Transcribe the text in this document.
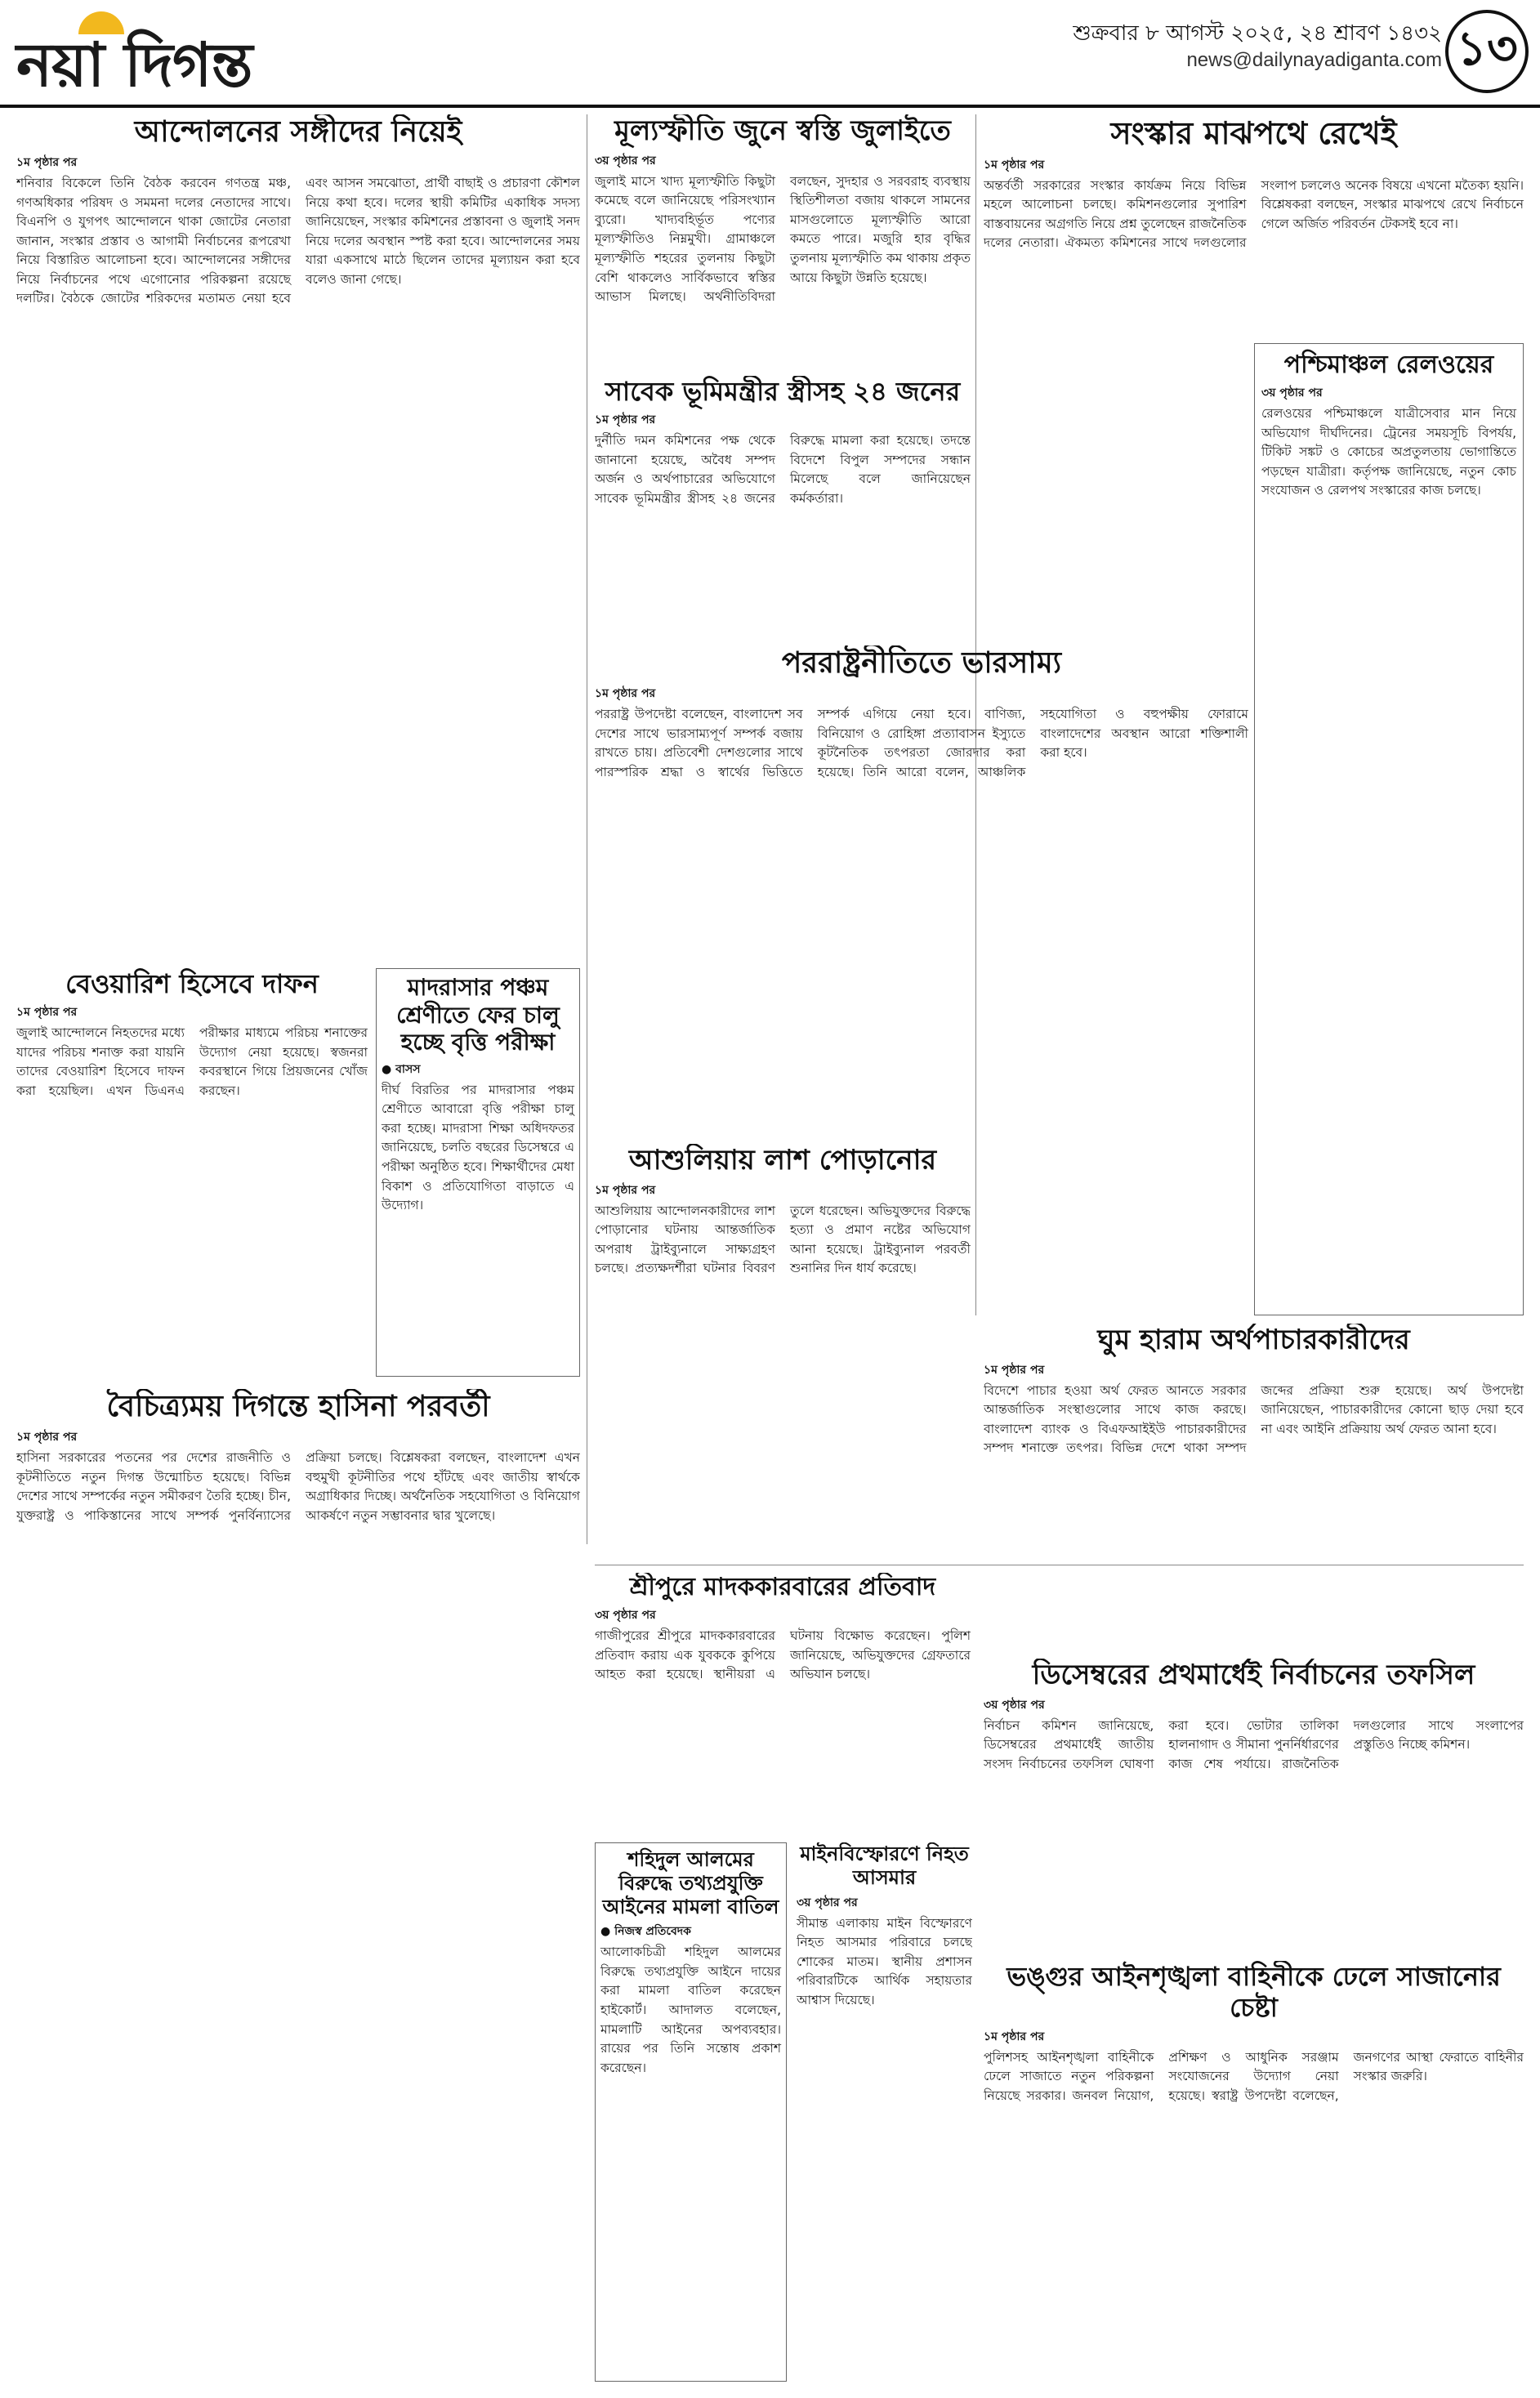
নয়া দিগন্ত	শুক্রবার ৮ আগস্ট ২০২৫, ২৪ শ্রাবণ ১৪৩২
news@dailynayadiganta.com ১৩
আন্দোলনের সঙ্গীদের নিয়েই
১ম পৃষ্ঠার পর
শনিবার বিকেলে তিনি বৈঠক করবেন গণতন্ত্র মঞ্চ, গণঅধিকার পরিষদ ও সমমনা দলের নেতাদের সাথে। বিএনপি ও যুগপৎ আন্দোলনে থাকা জোটের নেতারা জানান, সংস্কার প্রস্তাব ও আগামী নির্বাচনের রূপরেখা নিয়ে বিস্তারিত আলোচনা হবে। আন্দোলনের সঙ্গীদের নিয়ে নির্বাচনের পথে এগোনোর পরিকল্পনা রয়েছে দলটির। বৈঠকে জোটের শরিকদের মতামত নেয়া হবে এবং আসন সমঝোতা, প্রার্থী বাছাই ও প্রচারণা কৌশল নিয়ে কথা হবে। দলের স্থায়ী কমিটির একাধিক সদস্য জানিয়েছেন, সংস্কার কমিশনের প্রস্তাবনা ও জুলাই সনদ নিয়ে দলের অবস্থান স্পষ্ট করা হবে। আন্দোলনের সময় যারা একসাথে মাঠে ছিলেন তাদের মূল্যায়ন করা হবে বলেও জানা গেছে।
মূল্যস্ফীতি জুনে স্বস্তি জুলাইতে
৩য় পৃষ্ঠার পর
জুলাই মাসে খাদ্য মূল্যস্ফীতি কিছুটা কমেছে বলে জানিয়েছে পরিসংখ্যান ব্যুরো। খাদ্যবহির্ভূত পণ্যের মূল্যস্ফীতিও নিম্নমুখী। গ্রামাঞ্চলে মূল্যস্ফীতি শহরের তুলনায় কিছুটা বেশি থাকলেও সার্বিকভাবে স্বস্তির আভাস মিলছে। অর্থনীতিবিদরা বলছেন, সুদহার ও সরবরাহ ব্যবস্থায় স্থিতিশীলতা বজায় থাকলে সামনের মাসগুলোতে মূল্যস্ফীতি আরো কমতে পারে। মজুরি হার বৃদ্ধির তুলনায় মূল্যস্ফীতি কম থাকায় প্রকৃত আয়ে কিছুটা উন্নতি হয়েছে।
সংস্কার মাঝপথে রেখেই
১ম পৃষ্ঠার পর
অন্তর্বর্তী সরকারের সংস্কার কার্যক্রম নিয়ে বিভিন্ন মহলে আলোচনা চলছে। কমিশনগুলোর সুপারিশ বাস্তবায়নের অগ্রগতি নিয়ে প্রশ্ন তুলেছেন রাজনৈতিক দলের নেতারা। ঐকমত্য কমিশনের সাথে দলগুলোর সংলাপ চললেও অনেক বিষয়ে এখনো মতৈক্য হয়নি। বিশ্লেষকরা বলছেন, সংস্কার মাঝপথে রেখে নির্বাচনে গেলে অর্জিত পরিবর্তন টেকসই হবে না।
সাবেক ভূমিমন্ত্রীর স্ত্রীসহ ২৪ জনের
১ম পৃষ্ঠার পর
দুর্নীতি দমন কমিশনের পক্ষ থেকে জানানো হয়েছে, অবৈধ সম্পদ অর্জন ও অর্থপাচারের অভিযোগে সাবেক ভূমিমন্ত্রীর স্ত্রীসহ ২৪ জনের বিরুদ্ধে মামলা করা হয়েছে। তদন্তে বিদেশে বিপুল সম্পদের সন্ধান মিলেছে বলে জানিয়েছেন কর্মকর্তারা।
পশ্চিমাঞ্চল রেলওয়ের
৩য় পৃষ্ঠার পর
রেলওয়ের পশ্চিমাঞ্চলে যাত্রীসেবার মান নিয়ে অভিযোগ দীর্ঘদিনের। ট্রেনের সময়সূচি বিপর্যয়, টিকিট সঙ্কট ও কোচের অপ্রতুলতায় ভোগান্তিতে পড়ছেন যাত্রীরা। কর্তৃপক্ষ জানিয়েছে, নতুন কোচ সংযোজন ও রেলপথ সংস্কারের কাজ চলছে।
পররাষ্ট্রনীতিতে ভারসাম্য
১ম পৃষ্ঠার পর
পররাষ্ট্র উপদেষ্টা বলেছেন, বাংলাদেশ সব দেশের সাথে ভারসাম্যপূর্ণ সম্পর্ক বজায় রাখতে চায়। প্রতিবেশী দেশগুলোর সাথে পারস্পরিক শ্রদ্ধা ও স্বার্থের ভিত্তিতে সম্পর্ক এগিয়ে নেয়া হবে। বাণিজ্য, বিনিয়োগ ও রোহিঙ্গা প্রত্যাবাসন ইস্যুতে কূটনৈতিক তৎপরতা জোরদার করা হয়েছে। তিনি আরো বলেন, আঞ্চলিক সহযোগিতা ও বহুপক্ষীয় ফোরামে বাংলাদেশের অবস্থান আরো শক্তিশালী করা হবে।
বেওয়ারিশ হিসেবে দাফন
১ম পৃষ্ঠার পর
জুলাই আন্দোলনে নিহতদের মধ্যে যাদের পরিচয় শনাক্ত করা যায়নি তাদের বেওয়ারিশ হিসেবে দাফন করা হয়েছিল। এখন ডিএনএ পরীক্ষার মাধ্যমে পরিচয় শনাক্তের উদ্যোগ নেয়া হয়েছে। স্বজনরা কবরস্থানে গিয়ে প্রিয়জনের খোঁজ করছেন।
মাদরাসার পঞ্চম শ্রেণীতে ফের চালু হচ্ছে বৃত্তি পরীক্ষা
● বাসস
দীর্ঘ বিরতির পর মাদরাসার পঞ্চম শ্রেণীতে আবারো বৃত্তি পরীক্ষা চালু করা হচ্ছে। মাদরাসা শিক্ষা অধিদফতর জানিয়েছে, চলতি বছরের ডিসেম্বরে এ পরীক্ষা অনুষ্ঠিত হবে। শিক্ষার্থীদের মেধা বিকাশ ও প্রতিযোগিতা বাড়াতে এ উদ্যোগ।
বৈচিত্র্যময় দিগন্তে হাসিনা পরবর্তী
১ম পৃষ্ঠার পর
হাসিনা সরকারের পতনের পর দেশের রাজনীতি ও কূটনীতিতে নতুন দিগন্ত উন্মোচিত হয়েছে। বিভিন্ন দেশের সাথে সম্পর্কের নতুন সমীকরণ তৈরি হচ্ছে। চীন, যুক্তরাষ্ট্র ও পাকিস্তানের সাথে সম্পর্ক পুনর্বিন্যাসের প্রক্রিয়া চলছে। বিশ্লেষকরা বলছেন, বাংলাদেশ এখন বহুমুখী কূটনীতির পথে হাঁটছে এবং জাতীয় স্বার্থকে অগ্রাধিকার দিচ্ছে। অর্থনৈতিক সহযোগিতা ও বিনিয়োগ আকর্ষণে নতুন সম্ভাবনার দ্বার খুলেছে।
আশুলিয়ায় লাশ পোড়ানোর
১ম পৃষ্ঠার পর
আশুলিয়ায় আন্দোলনকারীদের লাশ পোড়ানোর ঘটনায় আন্তর্জাতিক অপরাধ ট্রাইব্যুনালে সাক্ষ্যগ্রহণ চলছে। প্রত্যক্ষদর্শীরা ঘটনার বিবরণ তুলে ধরেছেন। অভিযুক্তদের বিরুদ্ধে হত্যা ও প্রমাণ নষ্টের অভিযোগ আনা হয়েছে। ট্রাইব্যুনাল পরবর্তী শুনানির দিন ধার্য করেছে।
ঘুম হারাম অর্থপাচারকারীদের
১ম পৃষ্ঠার পর
বিদেশে পাচার হওয়া অর্থ ফেরত আনতে সরকার আন্তর্জাতিক সংস্থাগুলোর সাথে কাজ করছে। বাংলাদেশ ব্যাংক ও বিএফআইইউ পাচারকারীদের সম্পদ শনাক্তে তৎপর। বিভিন্ন দেশে থাকা সম্পদ জব্দের প্রক্রিয়া শুরু হয়েছে। অর্থ উপদেষ্টা জানিয়েছেন, পাচারকারীদের কোনো ছাড় দেয়া হবে না এবং আইনি প্রক্রিয়ায় অর্থ ফেরত আনা হবে।
শ্রীপুরে মাদককারবারের প্রতিবাদ
৩য় পৃষ্ঠার পর
গাজীপুরের শ্রীপুরে মাদককারবারের প্রতিবাদ করায় এক যুবককে কুপিয়ে আহত করা হয়েছে। স্থানীয়রা এ ঘটনায় বিক্ষোভ করেছেন। পুলিশ জানিয়েছে, অভিযুক্তদের গ্রেফতারে অভিযান চলছে।	ডিসেম্বরের প্রথমার্ধেই নির্বাচনের তফসিল
৩য় পৃষ্ঠার পর
নির্বাচন কমিশন জানিয়েছে, ডিসেম্বরের প্রথমার্ধেই জাতীয় সংসদ নির্বাচনের তফসিল ঘোষণা করা হবে। ভোটার তালিকা হালনাগাদ ও সীমানা পুনর্নির্ধারণের কাজ শেষ পর্যায়ে। রাজনৈতিক দলগুলোর সাথে সংলাপের প্রস্তুতিও নিচ্ছে কমিশন।
শহিদুল আলমের বিরুদ্ধে তথ্যপ্রযুক্তি আইনের মামলা বাতিল
● নিজস্ব প্রতিবেদক
আলোকচিত্রী শহিদুল আলমের বিরুদ্ধে তথ্যপ্রযুক্তি আইনে দায়ের করা মামলা বাতিল করেছেন হাইকোর্ট। আদালত বলেছেন, মামলাটি আইনের অপব্যবহার। রায়ের পর তিনি সন্তোষ প্রকাশ করেছেন।
মাইনবিস্ফোরণে নিহত আসমার
৩য় পৃষ্ঠার পর
সীমান্ত এলাকায় মাইন বিস্ফোরণে নিহত আসমার পরিবারে চলছে শোকের মাতম। স্থানীয় প্রশাসন পরিবারটিকে আর্থিক সহায়তার আশ্বাস দিয়েছে।
ভঙ্গুর আইনশৃঙ্খলা বাহিনীকে ঢেলে সাজানোর চেষ্টা
১ম পৃষ্ঠার পর
পুলিশসহ আইনশৃঙ্খলা বাহিনীকে ঢেলে সাজাতে নতুন পরিকল্পনা নিয়েছে সরকার। জনবল নিয়োগ, প্রশিক্ষণ ও আধুনিক সরঞ্জাম সংযোজনের উদ্যোগ নেয়া হয়েছে। স্বরাষ্ট্র উপদেষ্টা বলেছেন, জনগণের আস্থা ফেরাতে বাহিনীর সংস্কার জরুরি।
